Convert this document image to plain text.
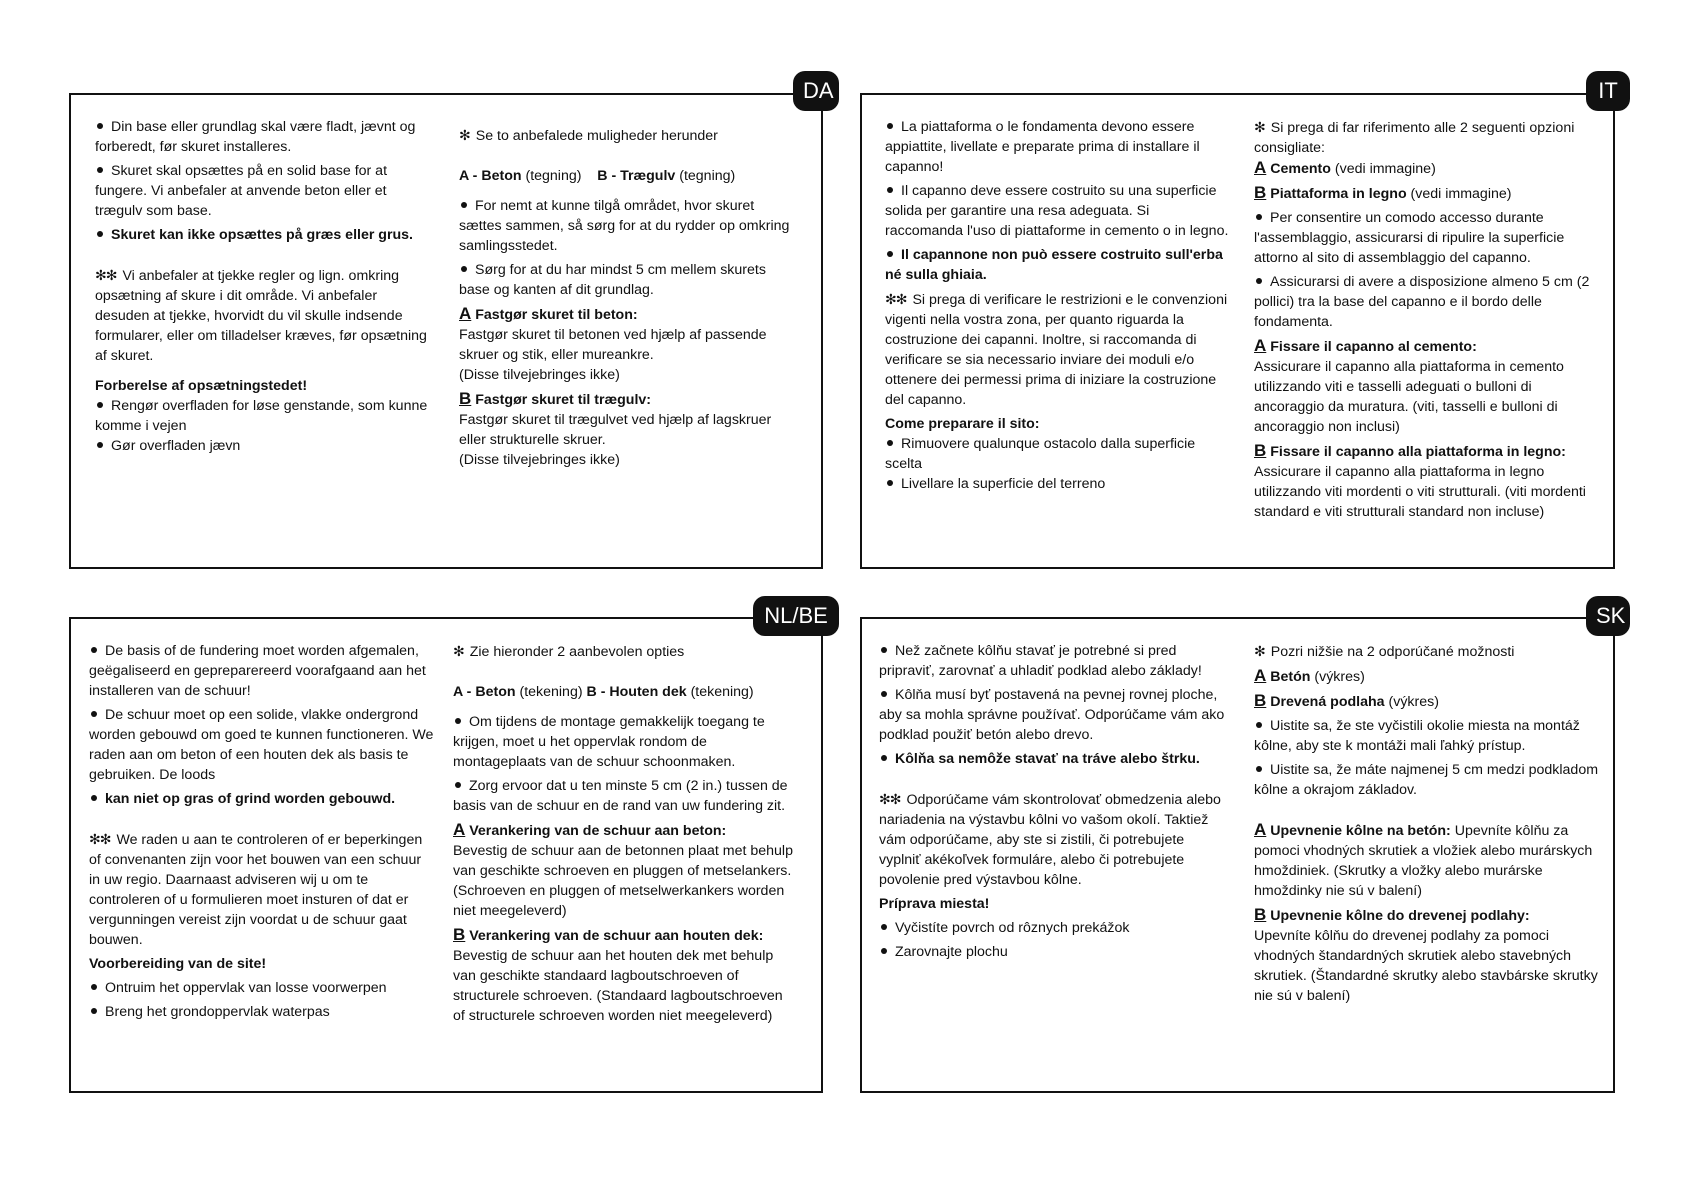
DA

Din base eller grundlag skal være fladt, jævnt og forberedt, før skuret installeres.

Skuret skal opsættes på en solid base for at fungere. Vi anbefaler at anvende beton eller et trægulv som base.

Skuret kan ikke opsættes på græs eller grus.

✻✻ Vi anbefaler at tjekke regler og lign. omkring opsætning af skure i dit område. Vi anbefaler desuden at tjekke, hvorvidt du vil skulle indsende formularer, eller om tilladelser kræves, før opsætning af skuret.

Forberelse af opsætningstedet!

Rengør overfladen for løse genstande, som kunne komme i vejen

Gør overfladen jævn

✻ Se to anbefalede muligheder herunder

A - Beton (tegning) B - Trægulv (tegning)

For nemt at kunne tilgå området, hvor skuret sættes sammen, så sørg for at du rydder op omkring samlingsstedet.

Sørg for at du har mindst 5 cm mellem skurets base og kanten af dit grundlag.

A Fastgør skuret til beton:

Fastgør skuret til betonen ved hjælp af passende skruer og stik, eller mureankre.

(Disse tilvejebringes ikke)

B Fastgør skuret til trægulv:

Fastgør skuret til trægulvet ved hjælp af lagskruer eller strukturelle skruer.

(Disse tilvejebringes ikke)

IT

La piattaforma o le fondamenta devono essere appiattite, livellate e preparate prima di installare il capanno!

Il capanno deve essere costruito su una superficie solida per garantire una resa adeguata. Si raccomanda l'uso di piattaforme in cemento o in legno.

Il capannone non può essere costruito sull'erba né sulla ghiaia.

✻✻ Si prega di verificare le restrizioni e le convenzioni vigenti nella vostra zona, per quanto riguarda la costruzione dei capanni. Inoltre, si raccomanda di verificare se sia necessario inviare dei moduli e/o ottenere dei permessi prima di iniziare la costruzione del capanno.

Come preparare il sito:

Rimuovere qualunque ostacolo dalla superficie scelta

Livellare la superficie del terreno

✻ Si prega di far riferimento alle 2 seguenti opzioni consigliate:

A Cemento (vedi immagine)

B Piattaforma in legno (vedi immagine)

Per consentire un comodo accesso durante l'assemblaggio, assicurarsi di ripulire la superficie attorno al sito di assemblaggio del capanno.

Assicurarsi di avere a disposizione almeno 5 cm (2 pollici) tra la base del capanno e il bordo delle fondamenta.

A Fissare il capanno al cemento:

Assicurare il capanno alla piattaforma in cemento utilizzando viti e tasselli adeguati o bulloni di ancoraggio da muratura. (viti, tasselli e bulloni di ancoraggio non inclusi)

B Fissare il capanno alla piattaforma in legno:

Assicurare il capanno alla piattaforma in legno utilizzando viti mordenti o viti strutturali. (viti mordenti standard e viti strutturali standard non incluse)

NL/BE

De basis of de fundering moet worden afgemalen, geëgaliseerd en gepreparereerd voorafgaand aan het installeren van de schuur!

De schuur moet op een solide, vlakke ondergrond worden gebouwd om goed te kunnen functioneren. We raden aan om beton of een houten dek als basis te gebruiken. De loods

kan niet op gras of grind worden gebouwd.

✻✻ We raden u aan te controleren of er beperkingen of convenanten zijn voor het bouwen van een schuur in uw regio. Daarnaast adviseren wij u om te controleren of u formulieren moet insturen of dat er vergunningen vereist zijn voordat u de schuur gaat bouwen.

Voorbereiding van de site!

Ontruim het oppervlak van losse voorwerpen

Breng het grondoppervlak waterpas

✻ Zie hieronder 2 aanbevolen opties

A - Beton (tekening) B - Houten dek (tekening)

Om tijdens de montage gemakkelijk toegang te krijgen, moet u het oppervlak rondom de montageplaats van de schuur schoonmaken.

Zorg ervoor dat u ten minste 5 cm (2 in.) tussen de basis van de schuur en de rand van uw fundering zit.

A Verankering van de schuur aan beton:

Bevestig de schuur aan de betonnen plaat met behulp van geschikte schroeven en pluggen of metselankers. (Schroeven en pluggen of metselwerkankers worden niet meegeleverd)

B Verankering van de schuur aan houten dek:

Bevestig de schuur aan het houten dek met behulp van geschikte standaard lagboutschroeven of structurele schroeven. (Standaard lagboutschroeven of structurele schroeven worden niet meegeleverd)

SK

Než začnete kôlňu stavať je potrebné si pred pripraviť, zarovnať a uhladiť podklad alebo základy!

Kôlňa musí byť postavená na pevnej rovnej ploche, aby sa mohla správne používať. Odporúčame vám ako podklad použiť betón alebo drevo.

Kôlňa sa nemôže stavať na tráve alebo štrku.

✻✻ Odporúčame vám skontrolovať obmedzenia alebo nariadenia na výstavbu kôlni vo vašom okolí. Taktiež vám odporúčame, aby ste si zistili, či potrebujete vyplniť akékoľvek formuláre, alebo či potrebujete povolenie pred výstavbou kôlne.

Príprava miesta!

Vyčistíte povrch od rôznych prekážok

Zarovnajte plochu

✻ Pozri nižšie na 2 odporúčané možnosti

A Betón (výkres)

B Drevená podlaha (výkres)

Uistite sa, že ste vyčistili okolie miesta na montáž kôlne, aby ste k montáži mali ľahký prístup.

Uistite sa, že máte najmenej 5 cm medzi podkladom kôlne a okrajom základov.

A Upevnenie kôlne na betón: Upevníte kôlňu za pomoci vhodných skrutiek a vložiek alebo murárskych hmoždiniek. (Skrutky a vložky alebo murárske hmoždinky nie sú v balení)

B Upevnenie kôlne do drevenej podlahy:

Upevníte kôlňu do drevenej podlahy za pomoci vhodných štandardných skrutiek alebo stavebných skrutiek. (Štandardné skrutky alebo stavbárske skrutky nie sú v balení)
